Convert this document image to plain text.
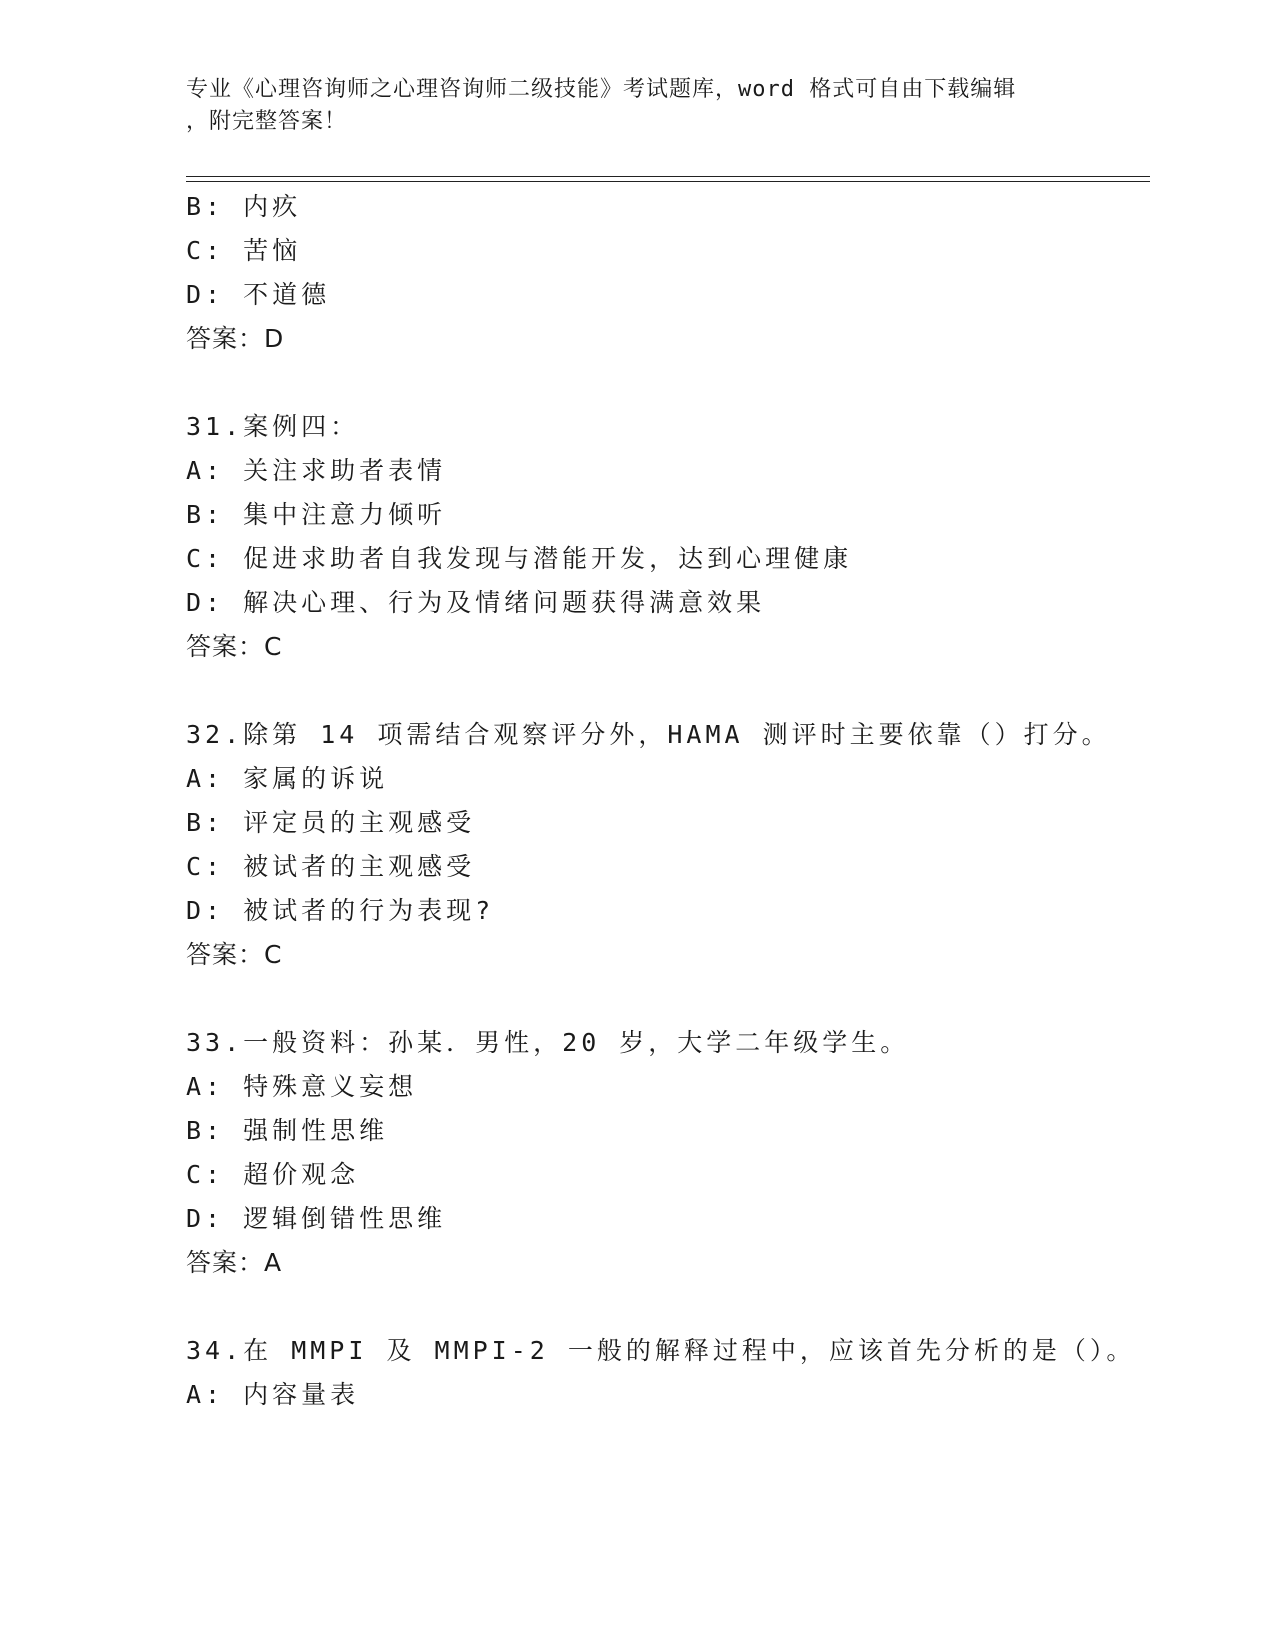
专业《心理咨询师之心理咨询师二级技能》考试题库，word 格式可自由下载编辑
，附完整答案！
B: 内疚
C: 苦恼
D: 不道德
答案：D
31.案例四：
A: 关注求助者表情
B: 集中注意力倾听
C: 促进求助者自我发现与潜能开发，达到心理健康
D: 解决心理、行为及情绪问题获得满意效果
答案：C
32.除第 14 项需结合观察评分外，HAMA 测评时主要依靠（）打分。
A: 家属的诉说
B: 评定员的主观感受
C: 被试者的主观感受
D: 被试者的行为表现?
答案：C
33.一般资料：孙某．男性，20 岁，大学二年级学生。
A: 特殊意义妄想
B: 强制性思维
C: 超价观念
D: 逻辑倒错性思维
答案：A
34.在 MMPI 及 MMPI-2 一般的解释过程中，应该首先分析的是（）。
A: 内容量表
